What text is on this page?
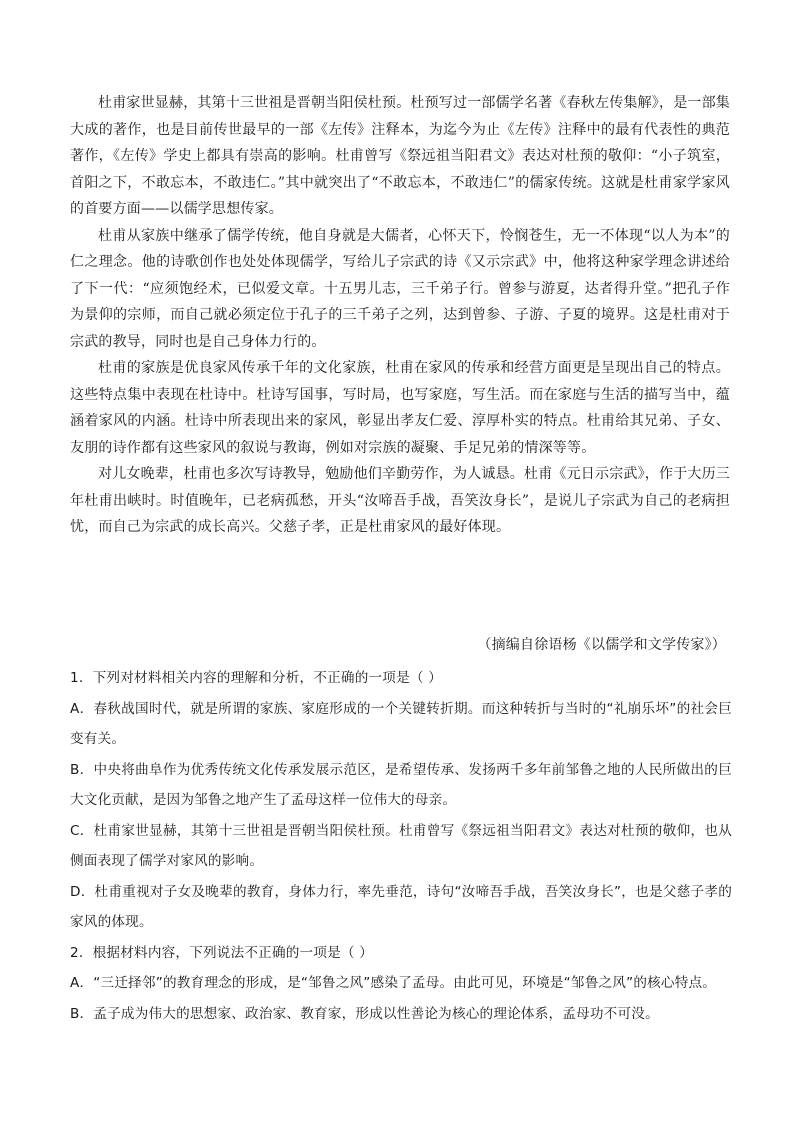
杜甫家世显赫，其第十三世祖是晋朝当阳侯杜预。杜预写过一部儒学名著《春秋左传集解》，是一部集大成的著作，也是目前传世最早的一部《左传》注释本，为迄今为止《左传》注释中的最有代表性的典范著作，《左传》学史上都具有崇高的影响。杜甫曾写《祭远祖当阳君文》表达对杜预的敬仰：“小子筑室，首阳之下，不敢忘本，不敢违仁。”其中就突出了“不敢忘本，不敢违仁”的儒家传统。这就是杜甫家学家风的首要方面——以儒学思想传家。

杜甫从家族中继承了儒学传统，他自身就是大儒者，心怀天下，怜悯苍生，无一不体现“以人为本”的仁之理念。他的诗歌创作也处处体现儒学，写给儿子宗武的诗《又示宗武》中，他将这种家学理念讲述给了下一代：“应须饱经术，已似爱文章。十五男儿志，三千弟子行。曾参与游夏，达者得升堂。”把孔子作为景仰的宗师，而自己就必须定位于孔子的三千弟子之列，达到曾参、子游、子夏的境界。这是杜甫对于宗武的教导，同时也是自己身体力行的。

杜甫的家族是优良家风传承千年的文化家族，杜甫在家风的传承和经营方面更是呈现出自己的特点。这些特点集中表现在杜诗中。杜诗写国事，写时局，也写家庭，写生活。而在家庭与生活的描写当中，蕴涵着家风的内涵。杜诗中所表现出来的家风，彰显出孝友仁爱、淳厚朴实的特点。杜甫给其兄弟、子女、友朋的诗作都有这些家风的叙说与教诲，例如对宗族的凝聚、手足兄弟的情深等等。

对儿女晚辈，杜甫也多次写诗教导，勉励他们辛勤劳作，为人诚恳。杜甫《元日示宗武》，作于大历三年杜甫出峡时。时值晚年，已老病孤愁，开头“汝啼吾手战，吾笑汝身长”，是说儿子宗武为自己的老病担忧，而自己为宗武的成长高兴。父慈子孝，正是杜甫家风的最好体现。

（摘编自徐语杨《以儒学和文学传家》）

1．下列对材料相关内容的理解和分析，不正确的一项是（ ）

A．春秋战国时代，就是所谓的家族、家庭形成的一个关键转折期。而这种转折与当时的“礼崩乐坏”的社会巨变有关。

B．中央将曲阜作为优秀传统文化传承发展示范区，是希望传承、发扬两千多年前邹鲁之地的人民所做出的巨大文化贡献，是因为邹鲁之地产生了孟母这样一位伟大的母亲。

C．杜甫家世显赫，其第十三世祖是晋朝当阳侯杜预。杜甫曾写《祭远祖当阳君文》表达对杜预的敬仰，也从侧面表现了儒学对家风的影响。

D．杜甫重视对子女及晚辈的教育，身体力行，率先垂范，诗句“汝啼吾手战，吾笑汝身长”，也是父慈子孝的家风的体现。

2．根据材料内容，下列说法不正确的一项是（ ）

A．“三迁择邻”的教育理念的形成，是“邹鲁之风”感染了孟母。由此可见，环境是“邹鲁之风”的核心特点。

B．孟子成为伟大的思想家、政治家、教育家，形成以性善论为核心的理论体系，孟母功不可没。
